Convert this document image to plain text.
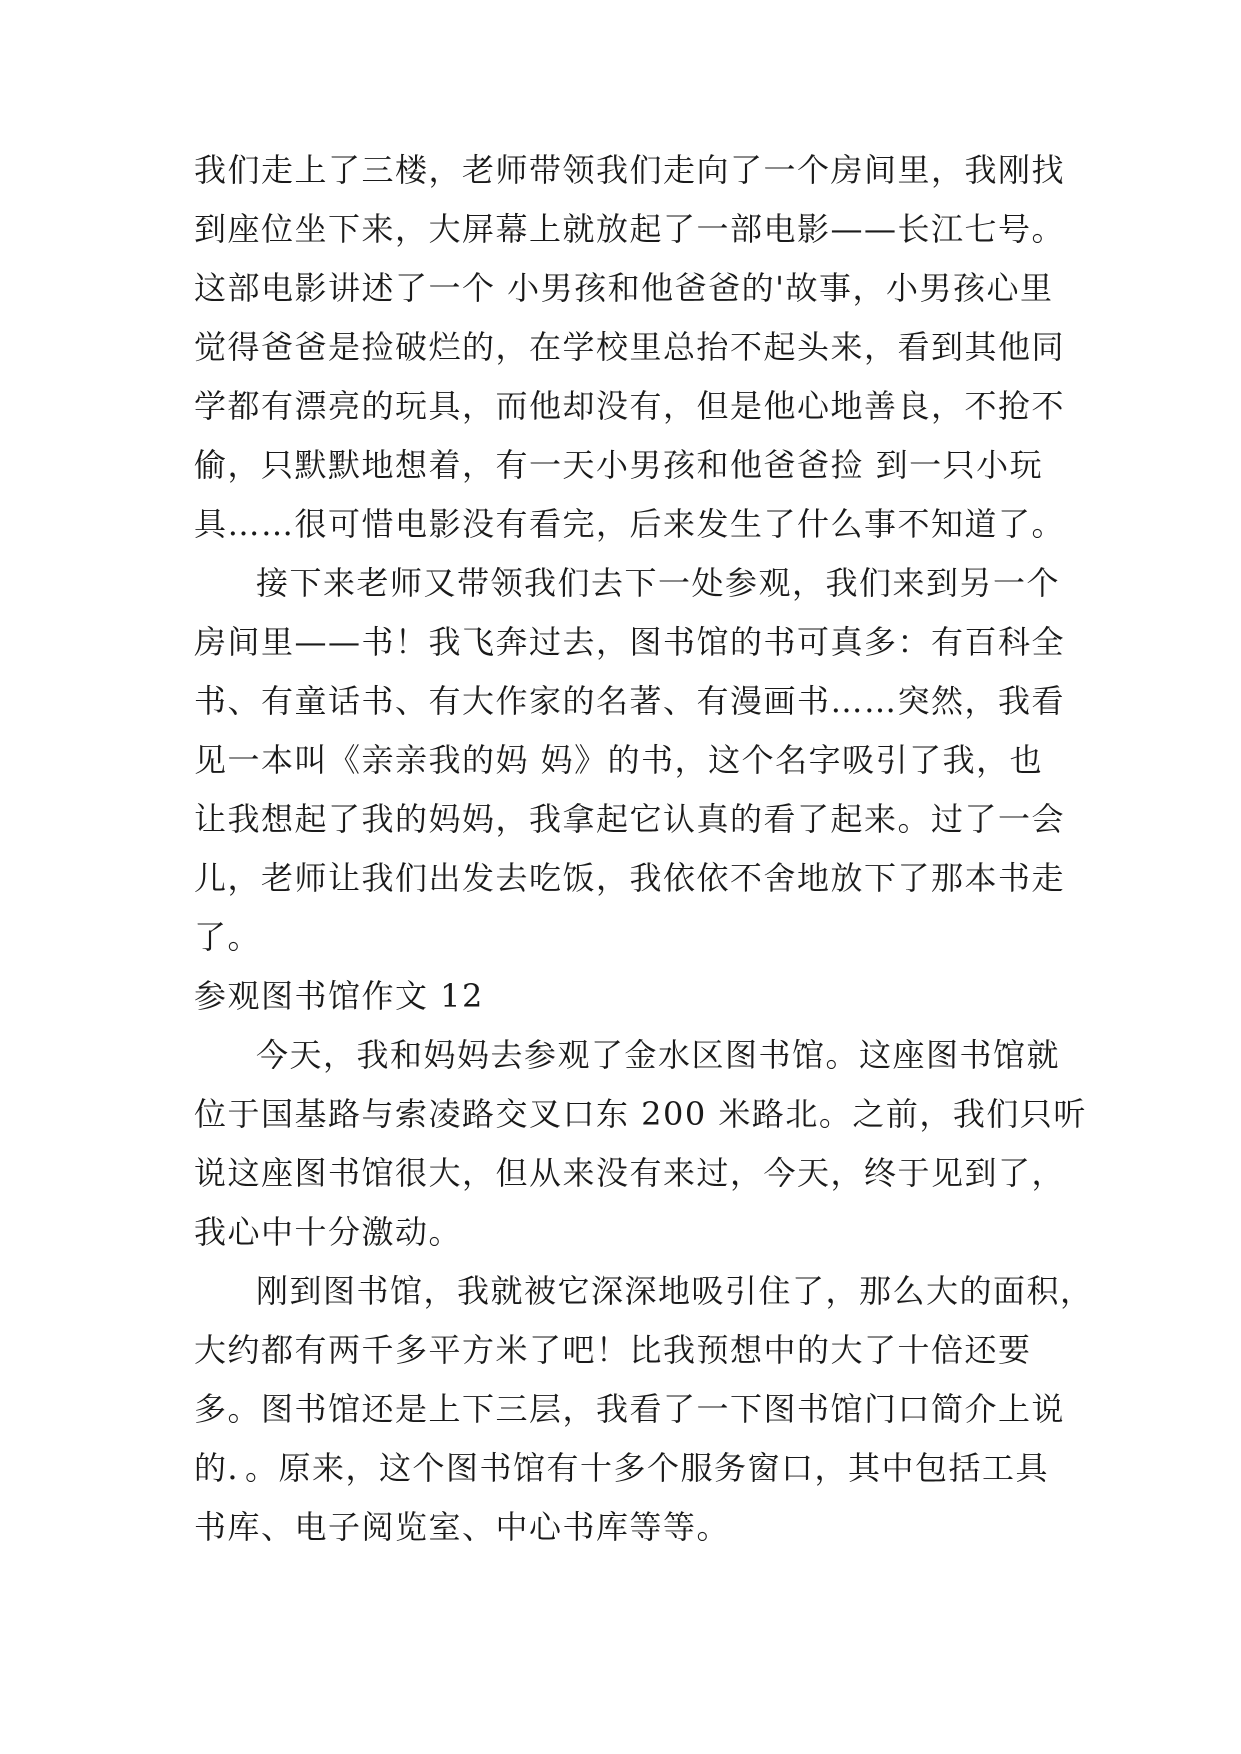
我们走上了三楼，老师带领我们走向了一个房间里，我刚找
到座位坐下来，大屏幕上就放起了一部电影——长江七号。
这部电影讲述了一个 小男孩和他爸爸的'故事，小男孩心里
觉得爸爸是捡破烂的，在学校里总抬不起头来，看到其他同
学都有漂亮的玩具，而他却没有，但是他心地善良，不抢不
偷，只默默地想着，有一天小男孩和他爸爸捡 到一只小玩
具……很可惜电影没有看完，后来发生了什么事不知道了。
接下来老师又带领我们去下一处参观，我们来到另一个
房间里——书！我飞奔过去，图书馆的书可真多：有百科全
书、有童话书、有大作家的名著、有漫画书……突然，我看
见一本叫《亲亲我的妈 妈》的书，这个名字吸引了我，也
让我想起了我的妈妈，我拿起它认真的看了起来。过了一会
儿，老师让我们出发去吃饭，我依依不舍地放下了那本书走
了。
参观图书馆作文 12
今天，我和妈妈去参观了金水区图书馆。这座图书馆就
位于国基路与索凌路交叉口东 200 米路北。之前，我们只听
说这座图书馆很大，但从来没有来过，今天，终于见到了，
我心中十分激动。
刚到图书馆，我就被它深深地吸引住了，那么大的面积，
大约都有两千多平方米了吧！比我预想中的大了十倍还要
多。图书馆还是上下三层，我看了一下图书馆门口简介上说
的．。原来，这个图书馆有十多个服务窗口，其中包括工具
书库、电子阅览室、中心书库等等。
